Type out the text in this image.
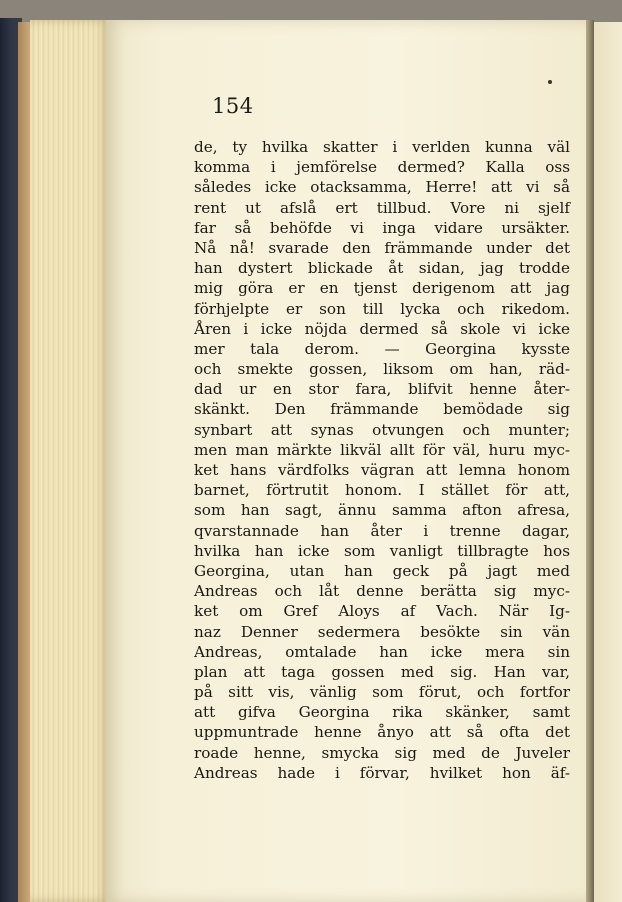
154
de, ty hvilka skatter i verlden kunna väl
komma i jemförelse dermed? Kalla oss
således icke otacksamma, Herre! att vi så
rent ut afslå ert tillbud. Vore ni sjelf
far så behöfde vi inga vidare ursäkter.
Nå nå! svarade den främmande under det
han dystert blickade åt sidan, jag trodde
mig göra er en tjenst derigenom att jag
förhjelpte er son till lycka och rikedom.
Åren i icke nöjda dermed så skole vi icke
mer tala derom. — Georgina kysste
och smekte gossen, liksom om han, räd-
dad ur en stor fara, blifvit henne åter-
skänkt. Den främmande bemödade sig
synbart att synas otvungen och munter;
men man märkte likväl allt för väl, huru myc-
ket hans värdfolks vägran att lemna honom
barnet, förtrutit honom. I stället för att,
som han sagt, ännu samma afton afresa,
qvarstannade han åter i trenne dagar,
hvilka han icke som vanligt tillbragte hos
Georgina, utan han geck på jagt med
Andreas och låt denne berätta sig myc-
ket om Gref Aloys af Vach. När Ig-
naz Denner sedermera besökte sin vän
Andreas, omtalade han icke mera sin
plan att taga gossen med sig. Han var,
på sitt vis, vänlig som förut, och fortfor
att gifva Georgina rika skänker, samt
uppmuntrade henne ånyo att så ofta det
roade henne, smycka sig med de Juveler
Andreas hade i förvar, hvilket hon äf-
